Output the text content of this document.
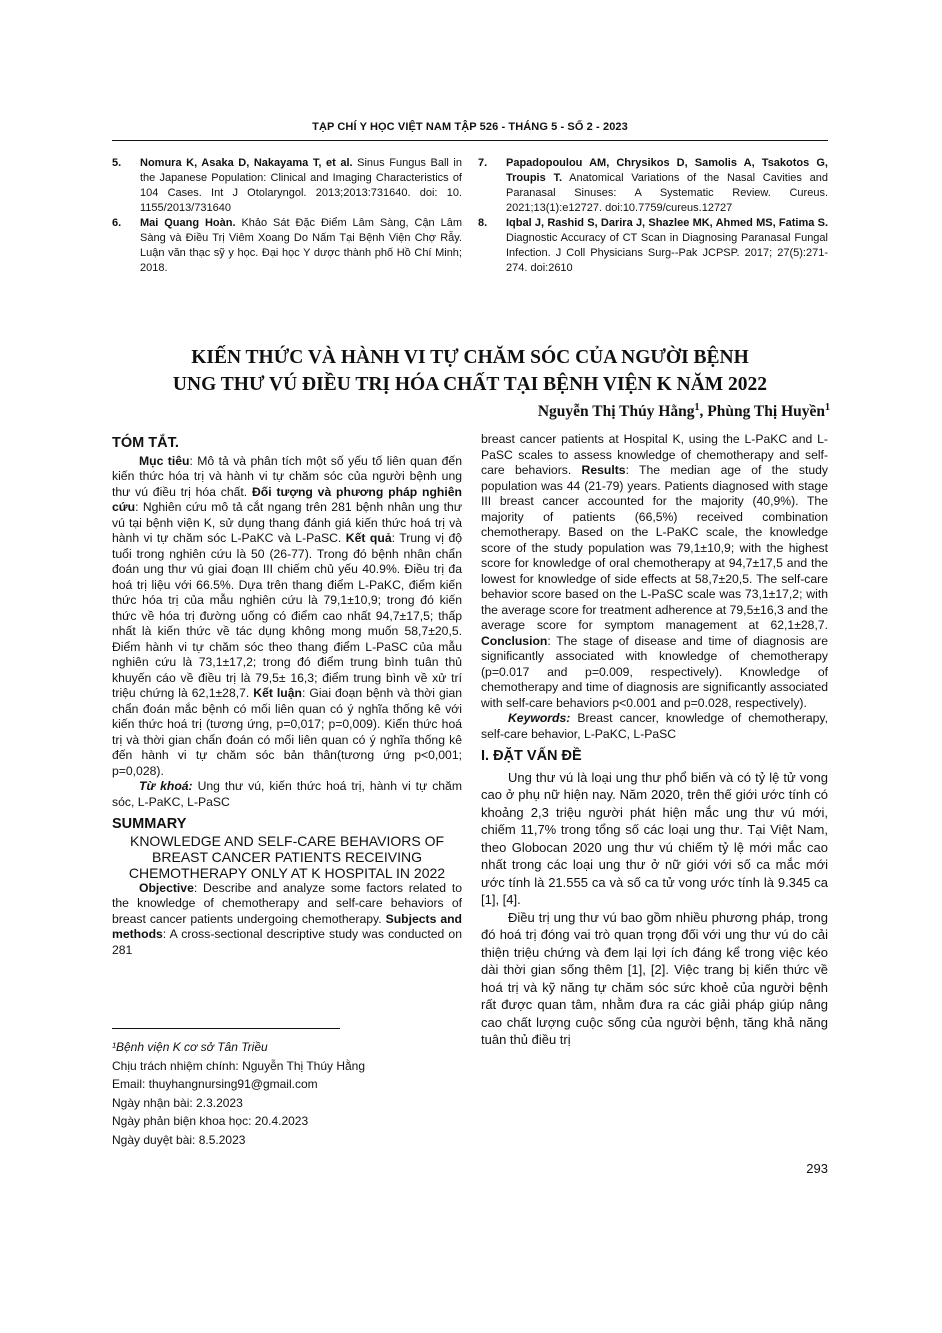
TẠP CHÍ Y HỌC VIỆT NAM TẬP 526 - THÁNG 5 - SỐ 2 - 2023
5.	Nomura K, Asaka D, Nakayama T, et al. Sinus Fungus Ball in the Japanese Population: Clinical and Imaging Characteristics of 104 Cases. Int J Otolaryngol. 2013;2013:731640. doi: 10. 1155/2013/731640
6.	Mai Quang Hoàn. Khảo Sát Đặc Điểm Lâm Sàng, Cận Lâm Sàng và Điều Trị Viêm Xoang Do Nấm Tại Bệnh Viện Chợ Rẫy. Luận văn thạc sỹ y học. Đại học Y dược thành phố Hồ Chí Minh; 2018.
7.	Papadopoulou AM, Chrysikos D, Samolis A, Tsakotos G, Troupis T. Anatomical Variations of the Nasal Cavities and Paranasal Sinuses: A Systematic Review. Cureus. 2021;13(1):e12727. doi:10.7759/cureus.12727
8.	Iqbal J, Rashid S, Darira J, Shazlee MK, Ahmed MS, Fatima S. Diagnostic Accuracy of CT Scan in Diagnosing Paranasal Fungal Infection. J Coll Physicians Surg--Pak JCPSP. 2017; 27(5):271-274. doi:2610
KIẾN THỨC VÀ HÀNH VI TỰ CHĂM SÓC CỦA NGƯỜI BỆNH
UNG THƯ VÚ ĐIỀU TRỊ HÓA CHẤT TẠI BỆNH VIỆN K NĂM 2022
Nguyễn Thị Thúy Hằng$^1$, Phùng Thị Huyền$^1$
TÓM TẮT.
Mục tiêu: Mô tả và phân tích một số yếu tố liên quan đến kiến thức hóa trị và hành vi tự chăm sóc của người bệnh ung thư vú điều trị hóa chất. Đối tượng và phương pháp nghiên cứu: Nghiên cứu mô tả cắt ngang trên 281 bệnh nhân ung thư vú tại bệnh viện K, sử dụng thang đánh giá kiến thức hoá trị và hành vi tự chăm sóc L-PaKC và L-PaSC. Kết quả: Trung vị độ tuổi trong nghiên cứu là 50 (26-77). Trong đó bệnh nhân chẩn đoán ung thư vú giai đoạn III chiếm chủ yếu 40.9%. Điều trị đa hoá trị liệu với 66.5%. Dựa trên thang điểm L-PaKC, điểm kiến thức hóa trị của mẫu nghiên cứu là 79,1±10,9; trong đó kiến thức về hóa trị đường uống có điểm cao nhất 94,7±17,5; thấp nhất là kiến thức về tác dụng không mong muốn 58,7±20,5. Điểm hành vi tự chăm sóc theo thang điểm L-PaSC của mẫu nghiên cứu là 73,1±17,2; trong đó điểm trung bình tuân thủ khuyến cáo về điều trị là 79,5± 16,3; điểm trung bình về xử trí triệu chứng là 62,1±28,7. Kết luận: Giai đoạn bệnh và thời gian chẩn đoán mắc bệnh có mối liên quan có ý nghĩa thống kê với kiến thức hoá trị (tương ứng, p=0,017; p=0,009). Kiến thức hoá trị và thời gian chẩn đoán có mối liên quan có ý nghĩa thống kê đến hành vi tự chăm sóc bản thân(tương ứng p<0,001; p=0,028).
Từ khoá: Ung thư vú, kiến thức hoá trị, hành vi tự chăm sóc, L-PaKC, L-PaSC
SUMMARY
KNOWLEDGE AND SELF-CARE BEHAVIORS OF BREAST CANCER PATIENTS RECEIVING CHEMOTHERAPY ONLY AT K HOSPITAL IN 2022
Objective: Describe and analyze some factors related to the knowledge of chemotherapy and self-care behaviors of breast cancer patients undergoing chemotherapy. Subjects and methods: A cross-sectional descriptive study was conducted on 281
¹Bệnh viện K cơ sở Tân Triều
Chịu trách nhiệm chính: Nguyễn Thị Thúy Hằng
Email: thuyhangnursing91@gmail.com
Ngày nhận bài: 2.3.2023
Ngày phản biện khoa học: 20.4.2023
Ngày duyệt bài: 8.5.2023
breast cancer patients at Hospital K, using the L-PaKC and L-PaSC scales to assess knowledge of chemotherapy and self-care behaviors. Results: The median age of the study population was 44 (21-79) years. Patients diagnosed with stage III breast cancer accounted for the majority (40,9%). The majority of patients (66,5%) received combination chemotherapy. Based on the L-PaKC scale, the knowledge score of the study population was 79,1±10,9; with the highest score for knowledge of oral chemotherapy at 94,7±17,5 and the lowest for knowledge of side effects at 58,7±20,5. The self-care behavior score based on the L-PaSC scale was 73,1±17,2; with the average score for treatment adherence at 79,5±16,3 and the average score for symptom management at 62,1±28,7. Conclusion: The stage of disease and time of diagnosis are significantly associated with knowledge of chemotherapy (p=0.017 and p=0.009, respectively). Knowledge of chemotherapy and time of diagnosis are significantly associated with self-care behaviors p<0.001 and p=0.028, respectively).
Keywords: Breast cancer, knowledge of chemotherapy, self-care behavior, L-PaKC, L-PaSC
I. ĐẶT VẤN ĐỀ
Ung thư vú là loại ung thư phổ biến và có tỷ lệ tử vong cao ở phụ nữ hiện nay. Năm 2020, trên thế giới ước tính có khoảng 2,3 triệu người phát hiện mắc ung thư vú mới, chiếm 11,7% trong tổng số các loại ung thư. Tại Việt Nam, theo Globocan 2020 ung thư vú chiếm tỷ lệ mới mắc cao nhất trong các loại ung thư ở nữ giới với số ca mắc mới ước tính là 21.555 ca và số ca tử vong ước tính là 9.345 ca [1], [4].
Điều trị ung thư vú bao gồm nhiều phương pháp, trong đó hoá trị đóng vai trò quan trọng đối với ung thư vú do cải thiện triệu chứng và đem lại lợi ích đáng kể trong việc kéo dài thời gian sống thêm [1], [2]. Việc trang bị kiến thức về hoá trị và kỹ năng tự chăm sóc sức khoẻ của người bệnh rất được quan tâm, nhằm đưa ra các giải pháp giúp nâng cao chất lượng cuộc sống của người bệnh, tăng khả năng tuân thủ điều trị
293
